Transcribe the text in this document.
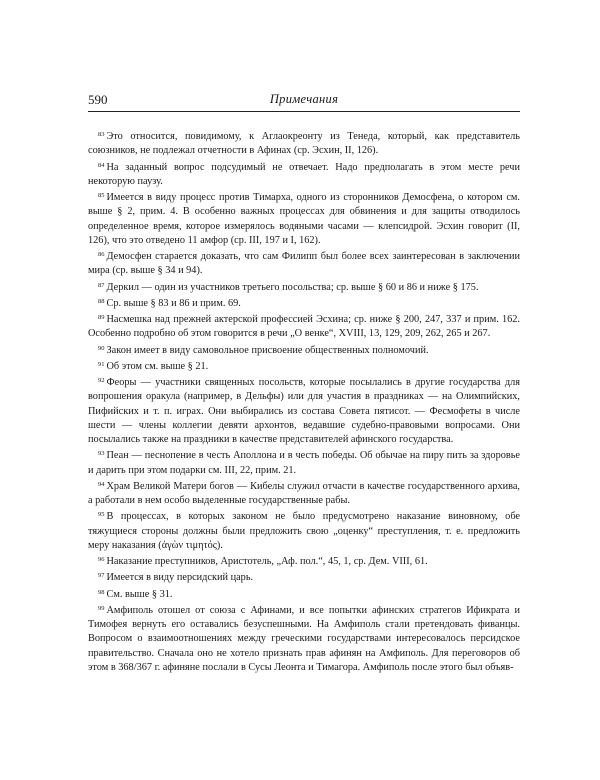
590	Примечания

$^{83}$ Это относится, повидимому, к Аглаокреонту из Тенеда, который, как представитель союзников, не подлежал отчетности в Афинах (ср. Эсхин, II, 126).

$^{84}$ На заданный вопрос подсудимый не отвечает. Надо предполагать в этом месте речи некоторую паузу.

$^{85}$ Имеется в виду процесс против Тимарха, одного из сторонников Демосфена, о котором см. выше § 2, прим. 4. В особенно важных процессах для обвинения и для защиты отводилось определенное время, которое измерялось водяными часами — клепсидрой. Эсхин говорит (II, 126), что это отведено 11 амфор (ср. III, 197 и I, 162).

$^{86}$ Демосфен старается доказать, что сам Филипп был более всех заинтересован в заключении мира (ср. выше § 34 и 94).

$^{87}$ Деркил — один из участников третьего посольства; ср. выше § 60 и 86 и ниже § 175.

$^{88}$ Ср. выше § 83 и 86 и прим. 69.

$^{89}$ Насмешка над прежней актерской профессией Эсхина; ср. ниже § 200, 247, 337 и прим. 162. Особенно подробно об этом говорится в речи „О венке“, XVIII, 13, 129, 209, 262, 265 и 267.

$^{90}$ Закон имеет в виду самовольное присвоение общественных полномочий.

$^{91}$ Об этом см. выше § 21.

$^{92}$ Феоры — участники священных посольств, которые посылались в другие государства для вопрошения оракула (например, в Дельфы) или для участия в праздниках — на Олимпийских, Пифийских и т. п. играх. Они выбирались из состава Совета пятисот. — Фесмофеты в числе шести — члены коллегии девяти архонтов, ведавшие судебно-правовыми вопросами. Они посылались также на праздники в качестве представителей афинского государства.

$^{93}$ Пеан — песнопение в честь Аполлона и в честь победы. Об обычае на пиру пить за здоровье и дарить при этом подарки см. III, 22, прим. 21.

$^{94}$ Храм Великой Матери богов — Кибелы служил отчасти в качестве государственного архива, а работали в нем особо выделенные государственные рабы.

$^{95}$ В процессах, в которых законом не было предусмотрено наказание виновному, обе тяжущиеся стороны должны были предложить свою „оценку“ преступления, т. е. предложить меру наказания (ἀγὼν τιμητός).

$^{96}$ Наказание преступников, Аристотель, „Аф. пол.“, 45, 1, ср. Дем. VIII, 61.

$^{97}$ Имеется в виду персидский царь.

$^{98}$ См. выше § 31.

$^{99}$ Амфиполь отошел от союза с Афинами, и все попытки афинских стратегов Ификрата и Тимофея вернуть его оставались безуспешными. На Амфиполь стали претендовать фиванцы. Вопросом о взаимоотношениях между греческими государствами интересовалось персидское правительство. Сначала оно не хотело признать прав афинян на Амфиполь. Для переговоров об этом в 368/367 г. афиняне послали в Сусы Леонта и Тимагора. Амфиполь после этого был объяв-
